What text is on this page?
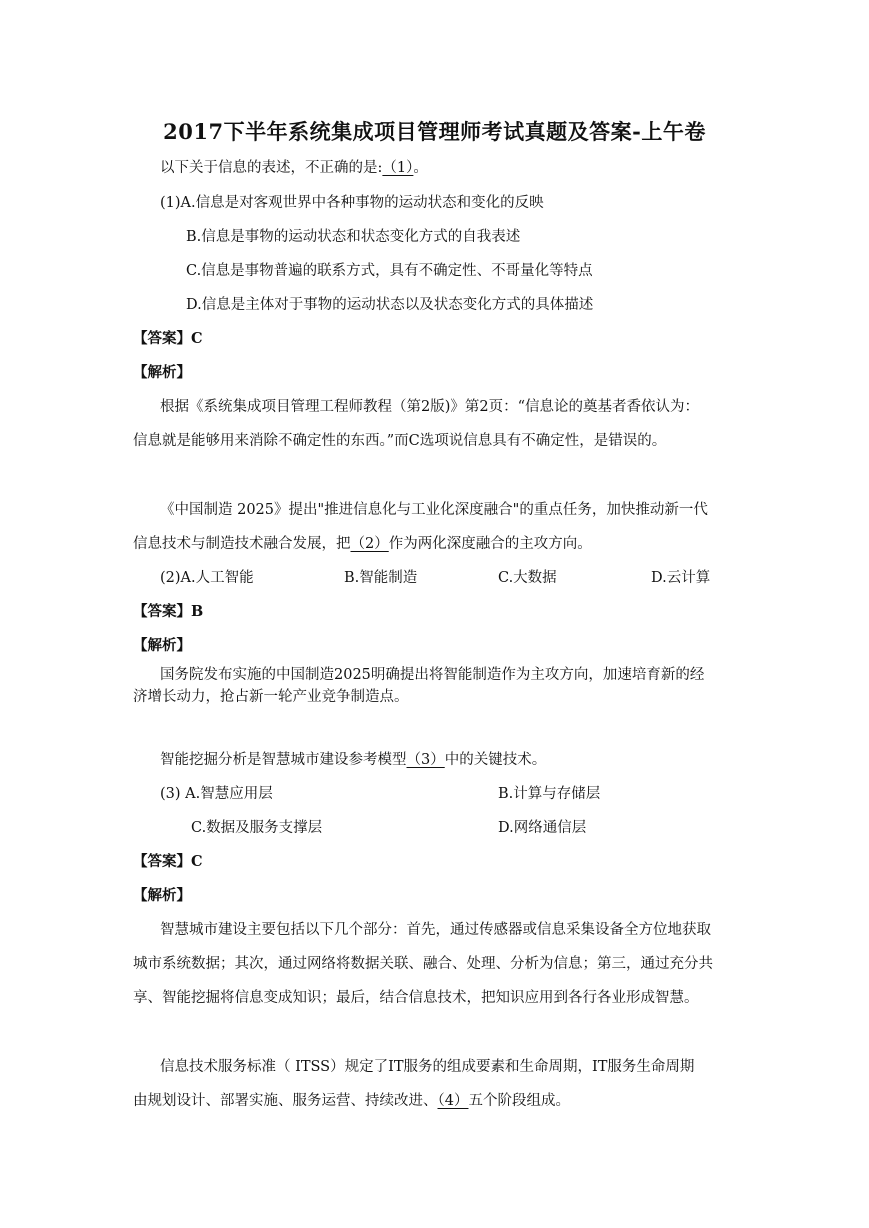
2017下半年系统集成项目管理师考试真题及答案-上午卷
以下关于信息的表述，不正确的是:（1）。
(1)A.信息是对客观世界中各种事物的运动状态和变化的反映
B.信息是事物的运动状态和状态变化方式的自我表述
C.信息是事物普遍的联系方式，具有不确定性、不哥量化等特点
D.信息是主体对于事物的运动状态以及状态变化方式的具体描述
【答案】C
【解析】
根据《系统集成项目管理工程师教程（第2版)》第2页：“信息论的奠基者香依认为：
信息就是能够用来消除不确定性的东西。”而C选项说信息具有不确定性，是错误的。
《中国制造 2025》提出"推进信息化与工业化深度融合"的重点任务，加快推动新一代
信息技术与制造技术融合发展，把（2）作为两化深度融合的主攻方向。
(2)A.人工智能	B.智能制造	C.大数据	D.云计算
【答案】B
【解析】
国务院发布实施的中国制造2025明确提出将智能制造作为主攻方向，加速培育新的经
济增长动力，抢占新一轮产业竞争制造点。
智能挖掘分析是智慧城市建设参考模型（3）中的关键技术。
(3) A.智慧应用层	B.计算与存储层
C.数据及服务支撑层	D.网络通信层
【答案】C
【解析】
智慧城市建设主要包括以下几个部分：首先，通过传感器或信息采集设备全方位地获取
城市系统数据；其次，通过网络将数据关联、融合、处理、分析为信息；第三，通过充分共
享、智能挖掘将信息变成知识；最后，结合信息技术，把知识应用到各行各业形成智慧。
信息技术服务标准（ ITSS）规定了IT服务的组成要素和生命周期，IT服务生命周期
由规划设计、部署实施、服务运营、持续改进、（4）五个阶段组成。
